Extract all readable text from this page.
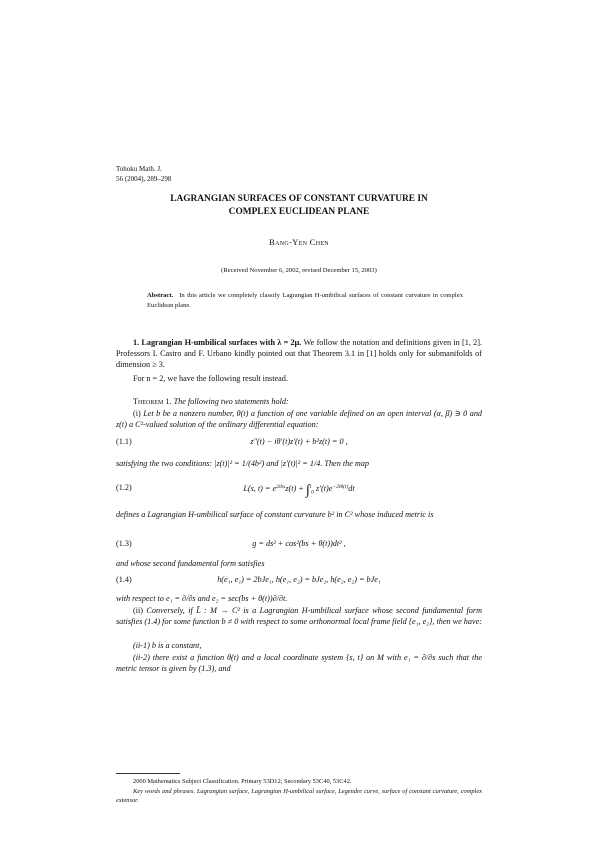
Tohoku Math. J.
56 (2004), 289–298
LAGRANGIAN SURFACES OF CONSTANT CURVATURE IN
COMPLEX EUCLIDEAN PLANE
Bang-Yen Chen
(Received November 6, 2002, revised December 15, 2003)
Abstract. In this article we completely classify Lagrangian H-umbilical surfaces of constant curvature in complex Euclidean plane.
1. Lagrangian H-umbilical surfaces with λ = 2μ. We follow the notation and definitions given in [1, 2]. Professors I. Castro and F. Urbano kindly pointed out that Theorem 3.1 in [1] holds only for submanifolds of dimension ≥ 3.
For n = 2, we have the following result instead.
Theorem 1. The following two statements hold:
(i) Let b be a nonzero number, θ(t) a function of one variable defined on an open interval (α, β) ∋ 0 and z(t) a C²-valued solution of the ordinary differential equation:
(1.1)	z″(t) − iθ′(t)z′(t) + b²z(t) = 0 ,
satisfying the two conditions: |z(t)|² = 1/(4b²) and |z′(t)|² = 1/4. Then the map
(1.2)	L(s, $t) = e^{2ibs}z(t) + \int^t_0$ $z'(t)e^{-2i\theta(t)}dt$
defines a Lagrangian H-umbilical surface of constant curvature b² in C² whose induced metric is
(1.3)	g = ds² + cos²(bs + θ(t))dt² ,
and whose second fundamental form satisfies
(1.4)	h(e₁, e₁) = 2bJe₁, h(e₁, e₂) = bJe₂, h(e₂, e₂) = bJe₁
with respect to e₁ = ∂/∂s and e₂ = sec(bs + θ(t))∂/∂t.
(ii) Conversely, if L̃ : M → C² is a Lagrangian H-umbilical surface whose second fundamental form satisfies (1.4) for some function b ≠ 0 with respect to some orthonormal local frame field {e₁, e₂}, then we have:
(ii-1) b is a constant,
(ii-2) there exist a function θ(t) and a local coordinate system {s, t} on M with e₁ = ∂/∂s such that the metric tensor is given by (1.3), and
2000 Mathematics Subject Classification. Primary 53D12; Secondary 53C40, 53C42.
Key words and phrases. Lagrangian surface, Lagrangian H-umbilical surface, Legendre curve, surface of constant curvature, complex extensor.
